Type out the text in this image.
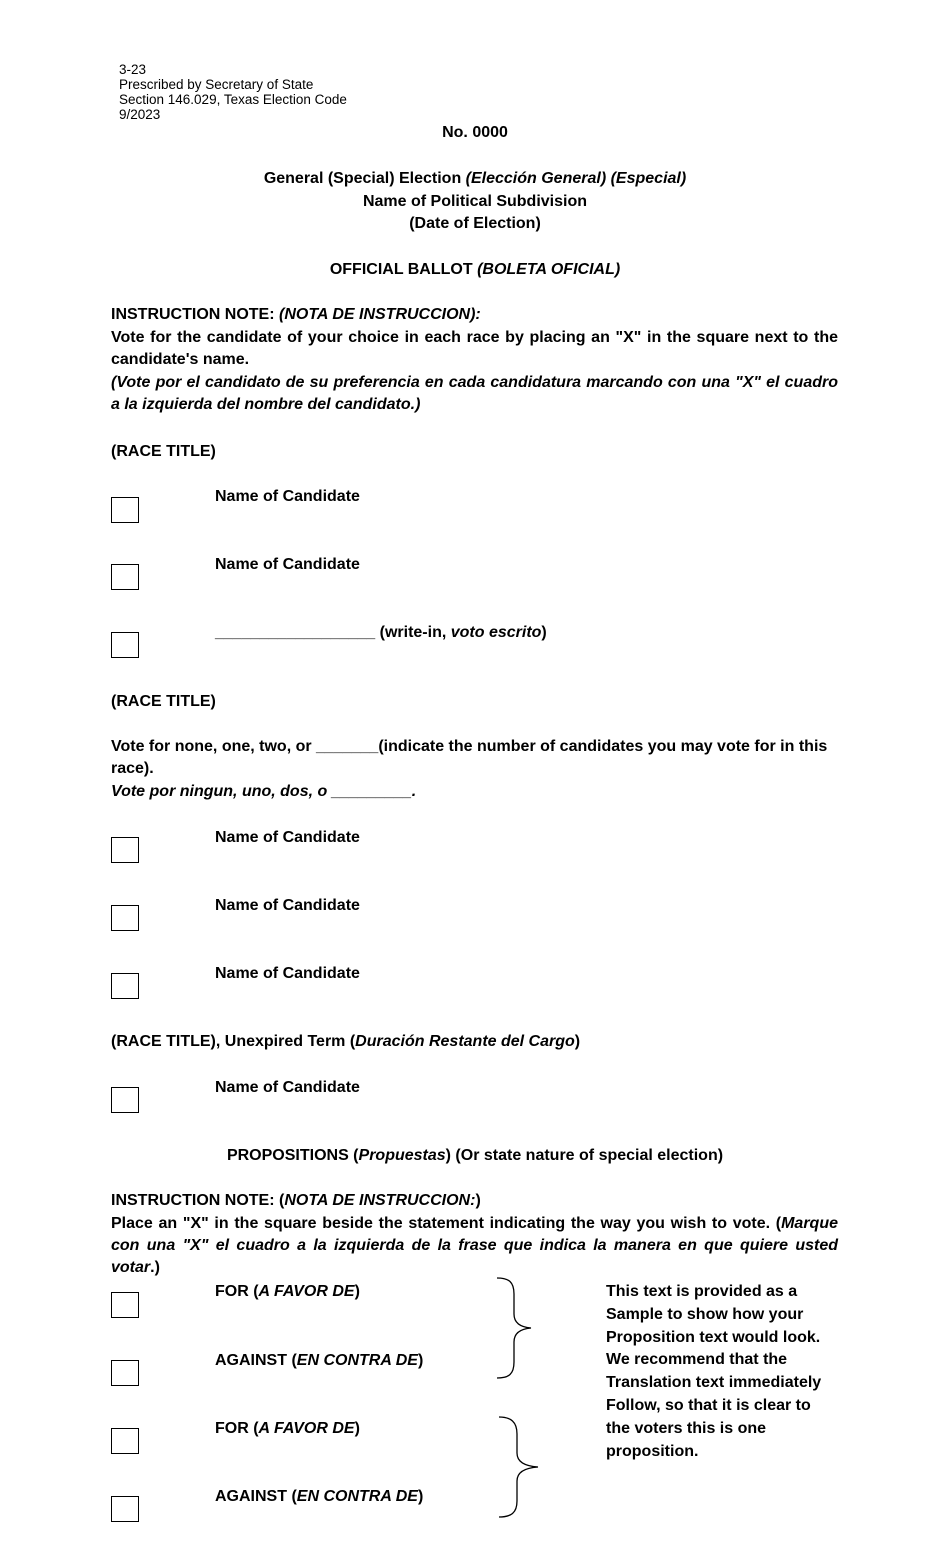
3-23
Prescribed by Secretary of State
Section 146.029, Texas Election Code
9/2023
No. 0000
General (Special) Election (Elección General) (Especial)
Name of Political Subdivision
(Date of Election)
OFFICIAL BALLOT (BOLETA OFICIAL)
INSTRUCTION NOTE: (NOTA DE INSTRUCCION):
Vote for the candidate of your choice in each race by placing an "X" in the square next to the candidate's name.
(Vote por el candidato de su preferencia en cada candidatura marcando con una "X" el cuadro a la izquierda del nombre del candidato.)
(RACE TITLE)
Name of Candidate
Name of Candidate
__________________ (write-in, voto escrito)
(RACE TITLE)
Vote for none, one, two, or _______(indicate the number of candidates you may vote for in this race).
Vote por ningun, uno, dos, o _________.
Name of Candidate
Name of Candidate
Name of Candidate
(RACE TITLE), Unexpired Term (Duración Restante del Cargo)
Name of Candidate
PROPOSITIONS (Propuestas) (Or state nature of special election)
INSTRUCTION NOTE: (NOTA DE INSTRUCCION:)
Place an "X" in the square beside the statement indicating the way you wish to vote. (Marque con una "X" el cuadro a la izquierda de la frase que indica la manera en que quiere usted votar.)
FOR (A FAVOR DE)
AGAINST (EN CONTRA DE)
FOR (A FAVOR DE)
AGAINST (EN CONTRA DE)
This text is provided as a Sample to show how your Proposition text would look. We recommend that the Translation text immediately Follow, so that it is clear to the voters this is one proposition.
